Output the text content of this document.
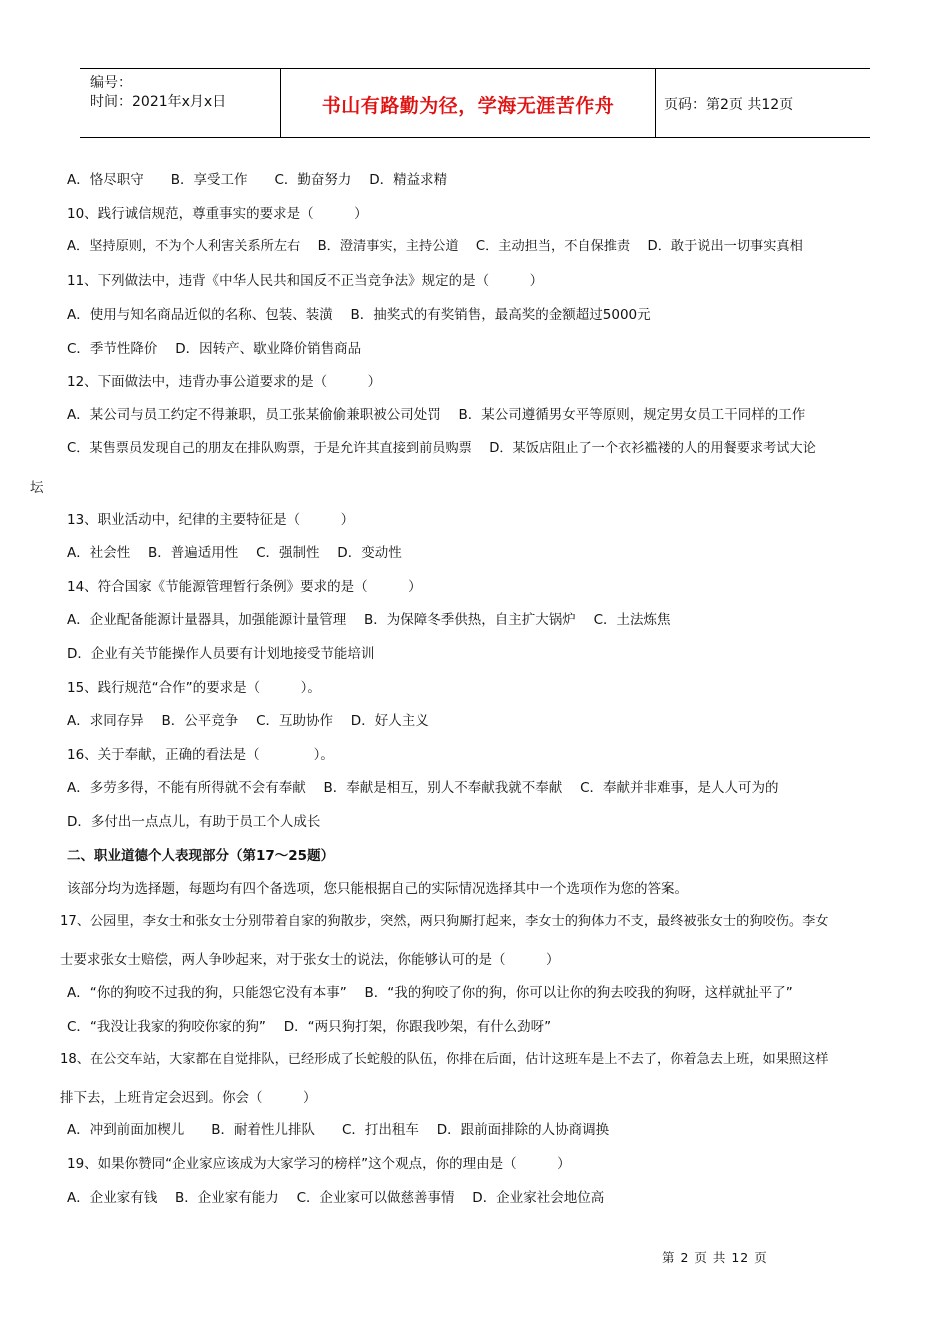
编号：
时间：2021年x月x日	书山有路勤为径，学海无涯苦作舟	页码：第2页 共12页
A．恪尽职守　　B．享受工作　　C．勤奋努力　 D．精益求精
10、践行诚信规范，尊重事实的要求是（　　　）
A．坚持原则，不为个人利害关系所左右　 B．澄清事实，主持公道　 C．主动担当，不自保推责　 D．敢于说出一切事实真相
11、下列做法中，违背《中华人民共和国反不正当竞争法》规定的是（　　　）
A．使用与知名商品近似的名称、包装、装潢　 B．抽奖式的有奖销售，最高奖的金额超过5000元
C．季节性降价　 D．因转产、歇业降价销售商品
12、下面做法中，违背办事公道要求的是（　　　）
A．某公司与员工约定不得兼职，员工张某偷偷兼职被公司处罚　 B．某公司遵循男女平等原则，规定男女员工干同样的工作
C．某售票员发现自己的朋友在排队购票，于是允许其直接到前员购票　 D．某饭店阻止了一个衣衫褴褛的人的用餐要求考试大论
坛
13、职业活动中，纪律的主要特征是（　　　）
A．社会性　 B．普遍适用性　 C．强制性　 D．变动性
14、符合国家《节能源管理暂行条例》要求的是（　　　）
A．企业配备能源计量器具，加强能源计量管理　 B．为保障冬季供热，自主扩大锅炉　 C．土法炼焦
D．企业有关节能操作人员要有计划地接受节能培训
15、践行规范“合作”的要求是（　　　）。
A．求同存异　 B．公平竞争　 C．互助协作　 D．好人主义
16、关于奉献，正确的看法是（　　　　）。
A．多劳多得，不能有所得就不会有奉献　 B．奉献是相互，别人不奉献我就不奉献　 C．奉献并非难事，是人人可为的
D．多付出一点点儿，有助于员工个人成长
二、职业道德个人表现部分（第17～25题）
该部分均为选择题，每题均有四个备选项，您只能根据自己的实际情况选择其中一个选项作为您的答案。
17、公园里，李女士和张女士分别带着自家的狗散步，突然，两只狗厮打起来，李女士的狗体力不支，最终被张女士的狗咬伤。李女
士要求张女士赔偿，两人争吵起来，对于张女士的说法，你能够认可的是（　　　）
A．“你的狗咬不过我的狗，只能怨它没有本事”　 B．“我的狗咬了你的狗，你可以让你的狗去咬我的狗呀，这样就扯平了”
C．“我没让我家的狗咬你家的狗”　 D．“两只狗打架，你跟我吵架，有什么劲呀”
18、在公交车站，大家都在自觉排队，已经形成了长蛇般的队伍，你排在后面，估计这班车是上不去了，你着急去上班，如果照这样
排下去，上班肯定会迟到。你会（　　　）
A．冲到前面加楔儿　　B．耐着性儿排队　　C．打出租车　 D．跟前面排除的人协商调换
19、如果你赞同“企业家应该成为大家学习的榜样”这个观点，你的理由是（　　　）
A．企业家有钱　 B．企业家有能力　 C．企业家可以做慈善事情　 D．企业家社会地位高
第 2 页 共 12 页
